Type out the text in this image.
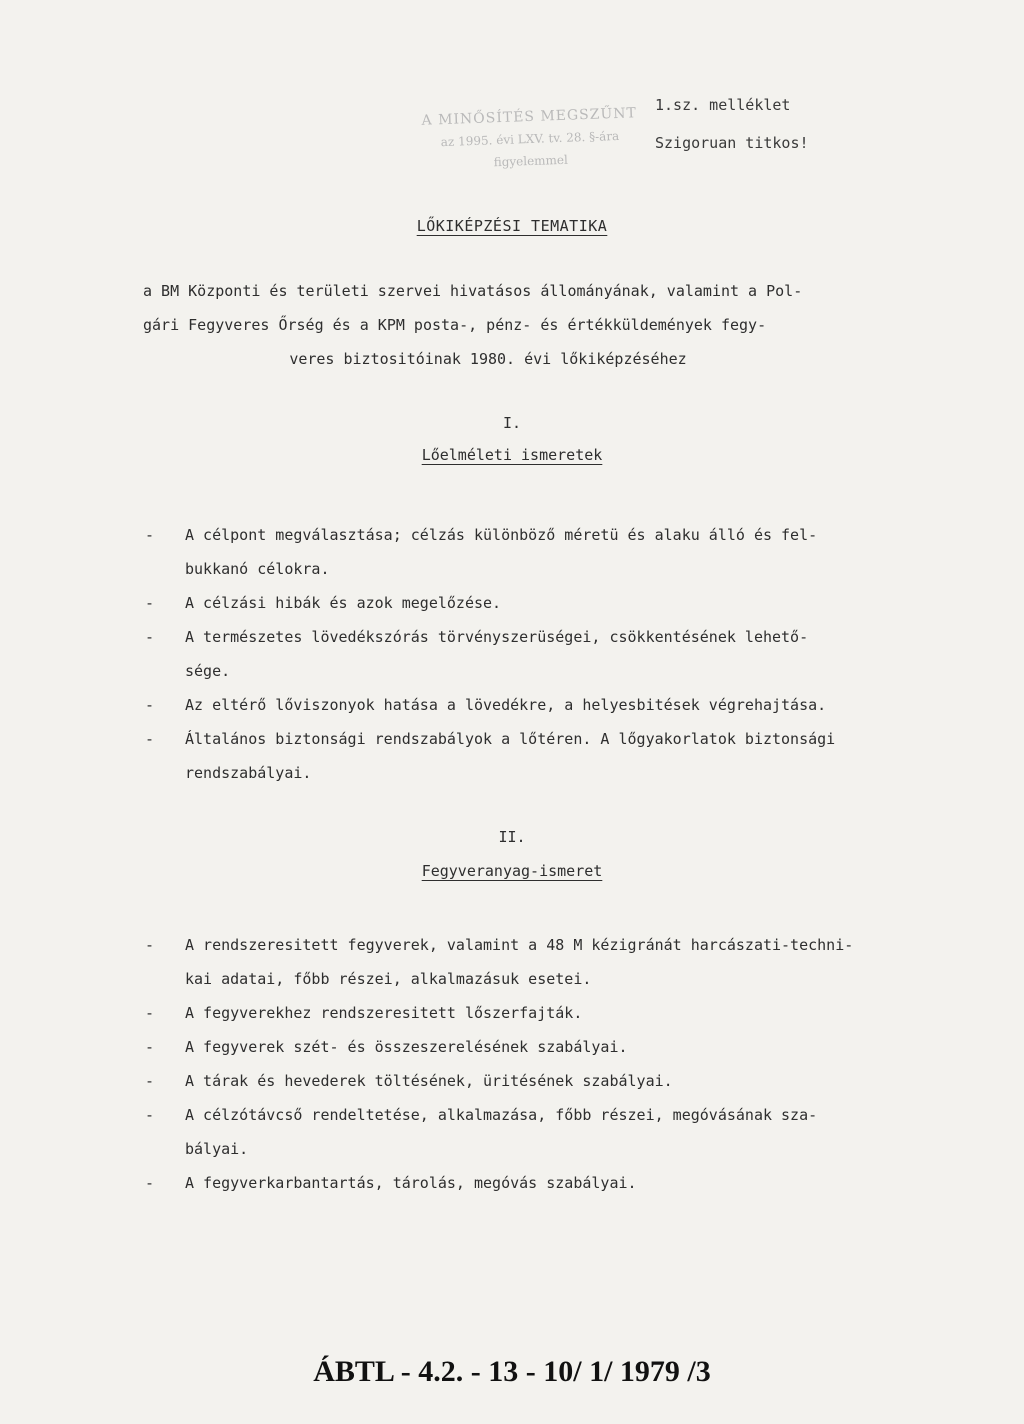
A MINŐSÍTÉS MEGSZŰNT
az 1995. évi LXV. tv. 28. §-ára
figyelemmel
1.sz. melléklet
Szigoruan titkos!
LŐKIKÉPZÉSI TEMATIKA
a BM Központi és területi szervei hivatásos állományának, valamint a Pol-
gári Fegyveres Őrség és a KPM posta-, pénz- és értékküldemények fegy-
veres biztositóinak 1980. évi lőkiképzéséhez
I.
Lőelméleti ismeretek
- A célpont megválasztása; célzás különböző méretü és alaku álló és fel-
bukkanó célokra.
- A célzási hibák és azok megelőzése.
- A természetes lövedékszórás törvényszerüségei, csökkentésének lehető-
sége.
- Az eltérő lőviszonyok hatása a lövedékre, a helyesbitések végrehajtása.
- Általános biztonsági rendszabályok a lőtéren. A lőgyakorlatok biztonsági
rendszabályai.
II.
Fegyveranyag-ismeret
- A rendszeresitett fegyverek, valamint a 48 M kézigránát harcászati-techni-
kai adatai, főbb részei, alkalmazásuk esetei.
- A fegyverekhez rendszeresitett lőszerfajták.
- A fegyverek szét- és összeszerelésének szabályai.
- A tárak és hevederek töltésének, üritésének szabályai.
- A célzótávcső rendeltetése, alkalmazása, főbb részei, megóvásának sza-
bályai.
- A fegyverkarbantartás, tárolás, megóvás szabályai.
ÁBTL - 4.2. - 13 - 10/ 1/ 1979 /3
